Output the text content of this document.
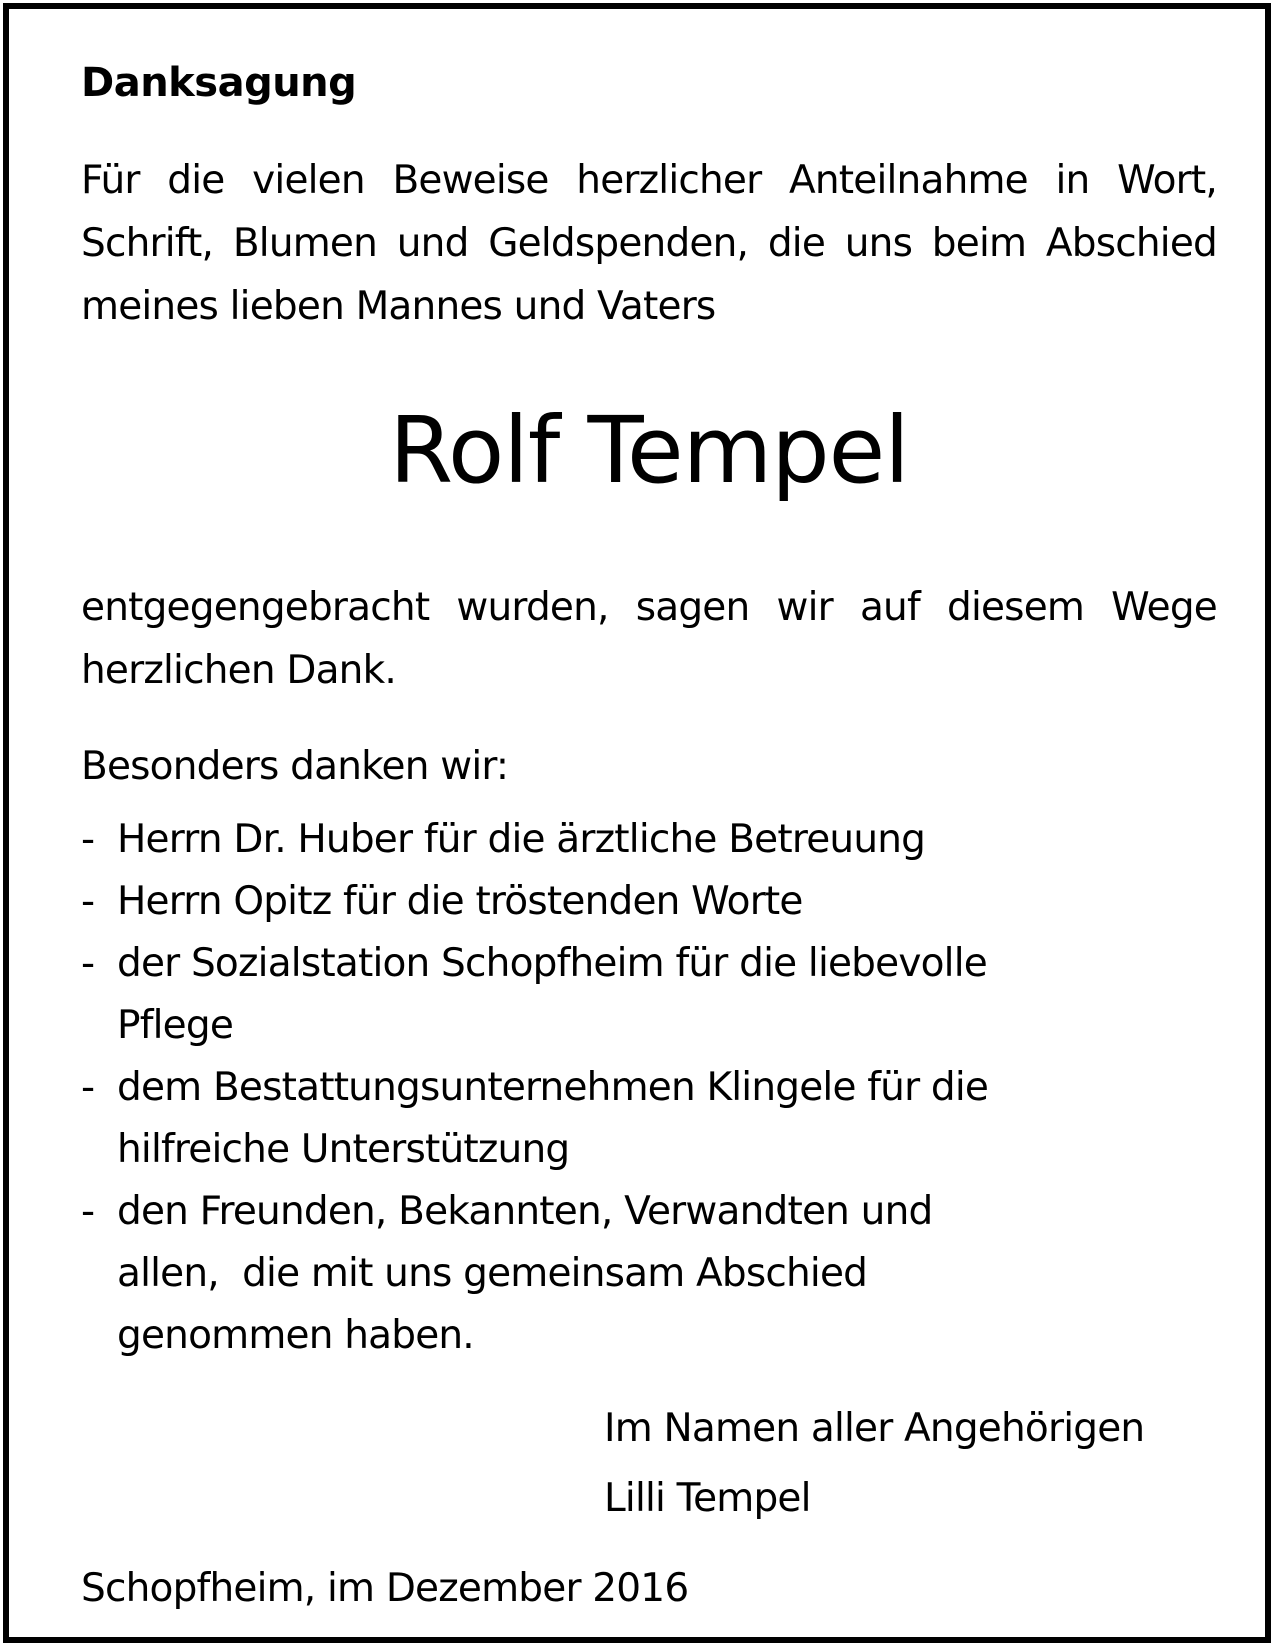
Danksagung
Für die vielen Beweise herzlicher Anteilnahme in Wort, Schrift, Blumen und Geldspenden, die uns beim Abschied meines lieben Mannes und Vaters
Rolf Tempel
entgegengebracht wurden, sagen wir auf diesem Wege herzlichen Dank.
Besonders danken wir:
- Herrn Dr. Huber für die ärztliche Betreuung
- Herrn Opitz für die tröstenden Worte
- der Sozialstation Schopfheim für die liebevolle Pflege
- dem Bestattungsunternehmen Klingele für die hilfreiche Unterstützung
- den Freunden, Bekannten, Verwandten und allen,  die mit uns gemeinsam Abschied genommen haben.
Im Namen aller Angehörigen
Lilli Tempel
Schopfheim, im Dezember 2016
